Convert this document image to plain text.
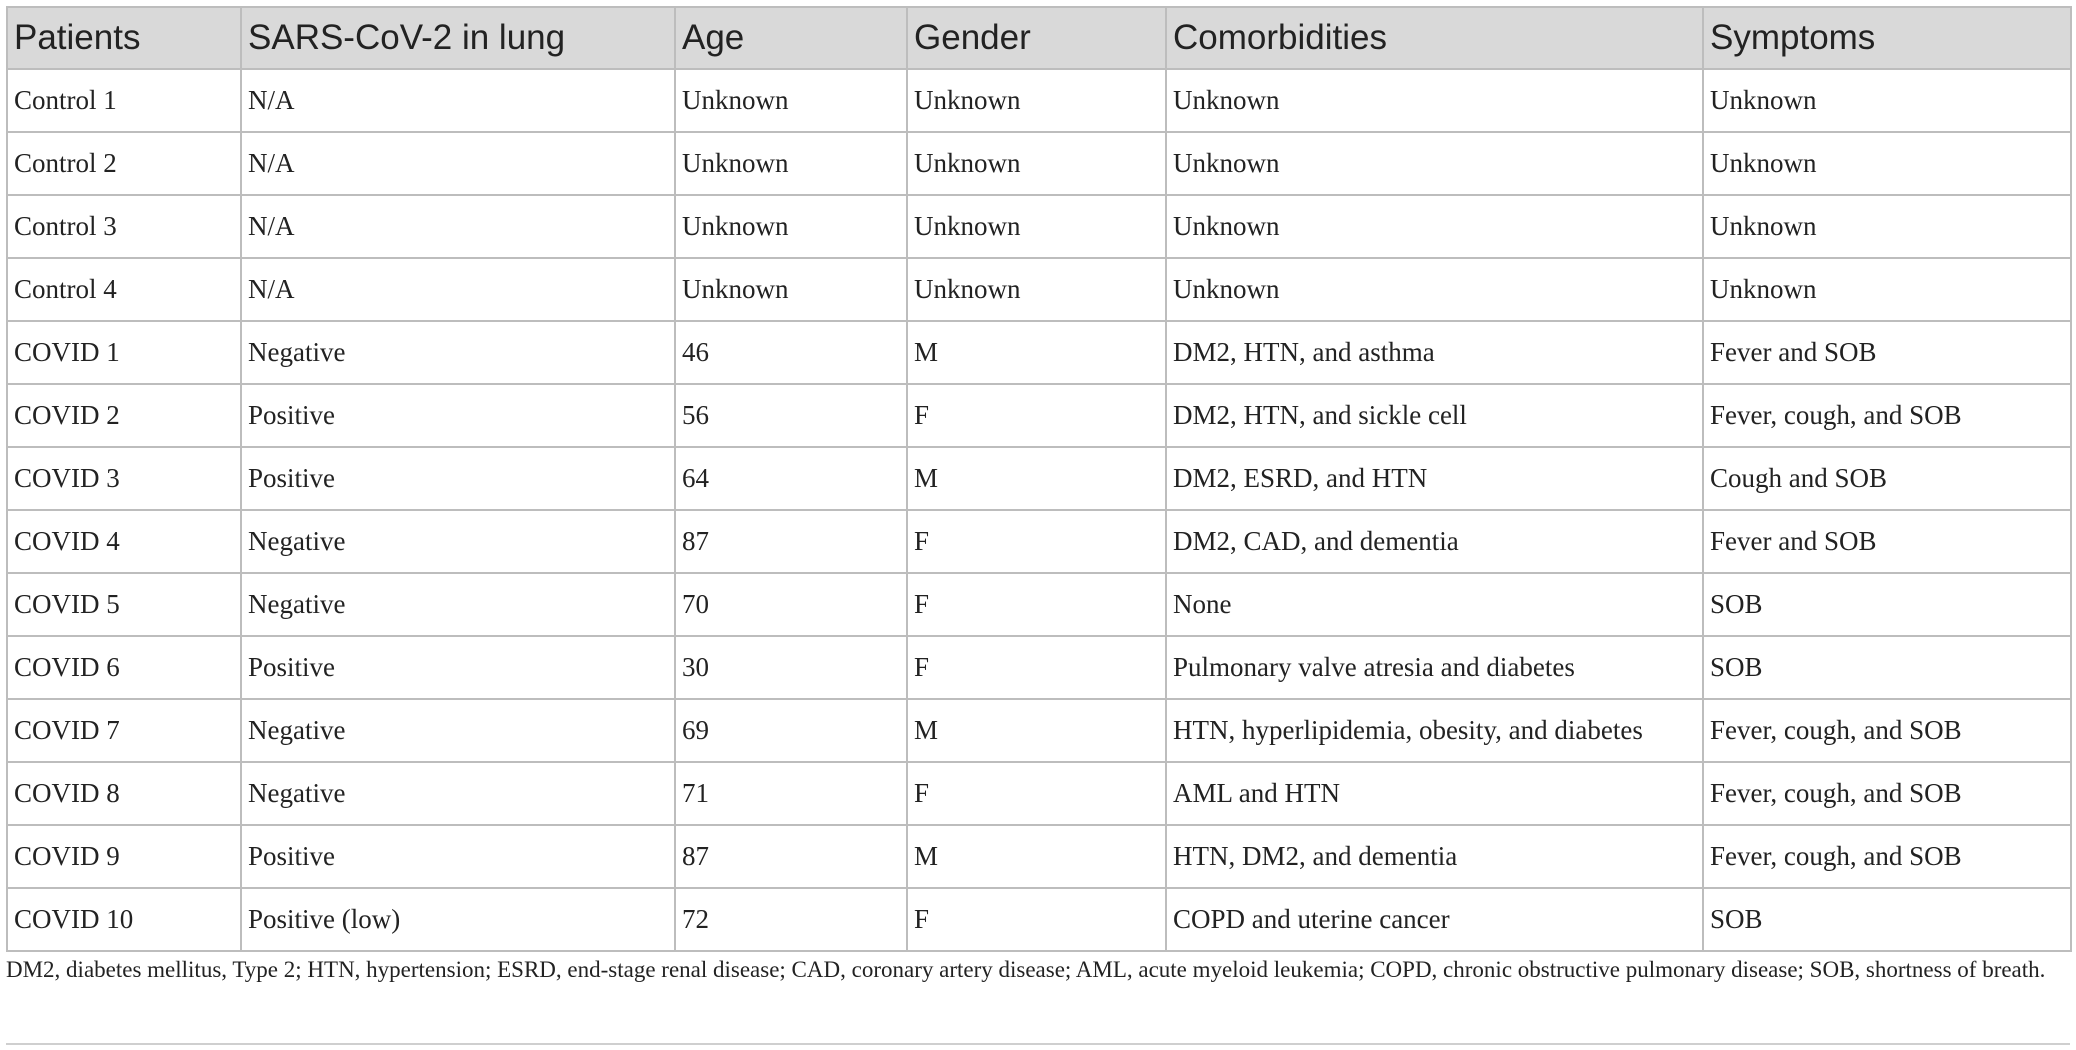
Patients	SARS-CoV-2 in lung	Age	Gender	Comorbidities	Symptoms
Control 1	N/A	Unknown	Unknown	Unknown	Unknown
Control 2	N/A	Unknown	Unknown	Unknown	Unknown
Control 3	N/A	Unknown	Unknown	Unknown	Unknown
Control 4	N/A	Unknown	Unknown	Unknown	Unknown
COVID 1	Negative	46	M	DM2, HTN, and asthma	Fever and SOB
COVID 2	Positive	56	F	DM2, HTN, and sickle cell	Fever, cough, and SOB
COVID 3	Positive	64	M	DM2, ESRD, and HTN	Cough and SOB
COVID 4	Negative	87	F	DM2, CAD, and dementia	Fever and SOB
COVID 5	Negative	70	F	None	SOB
COVID 6	Positive	30	F	Pulmonary valve atresia and diabetes	SOB
COVID 7	Negative	69	M	HTN, hyperlipidemia, obesity, and diabetes	Fever, cough, and SOB
COVID 8	Negative	71	F	AML and HTN	Fever, cough, and SOB
COVID 9	Positive	87	M	HTN, DM2, and dementia	Fever, cough, and SOB
COVID 10	Positive (low)	72	F	COPD and uterine cancer	SOB
DM2, diabetes mellitus, Type 2; HTN, hypertension; ESRD, end-stage renal disease; CAD, coronary artery disease; AML, acute myeloid leukemia; COPD, chronic obstructive pulmonary disease; SOB, shortness of breath.
